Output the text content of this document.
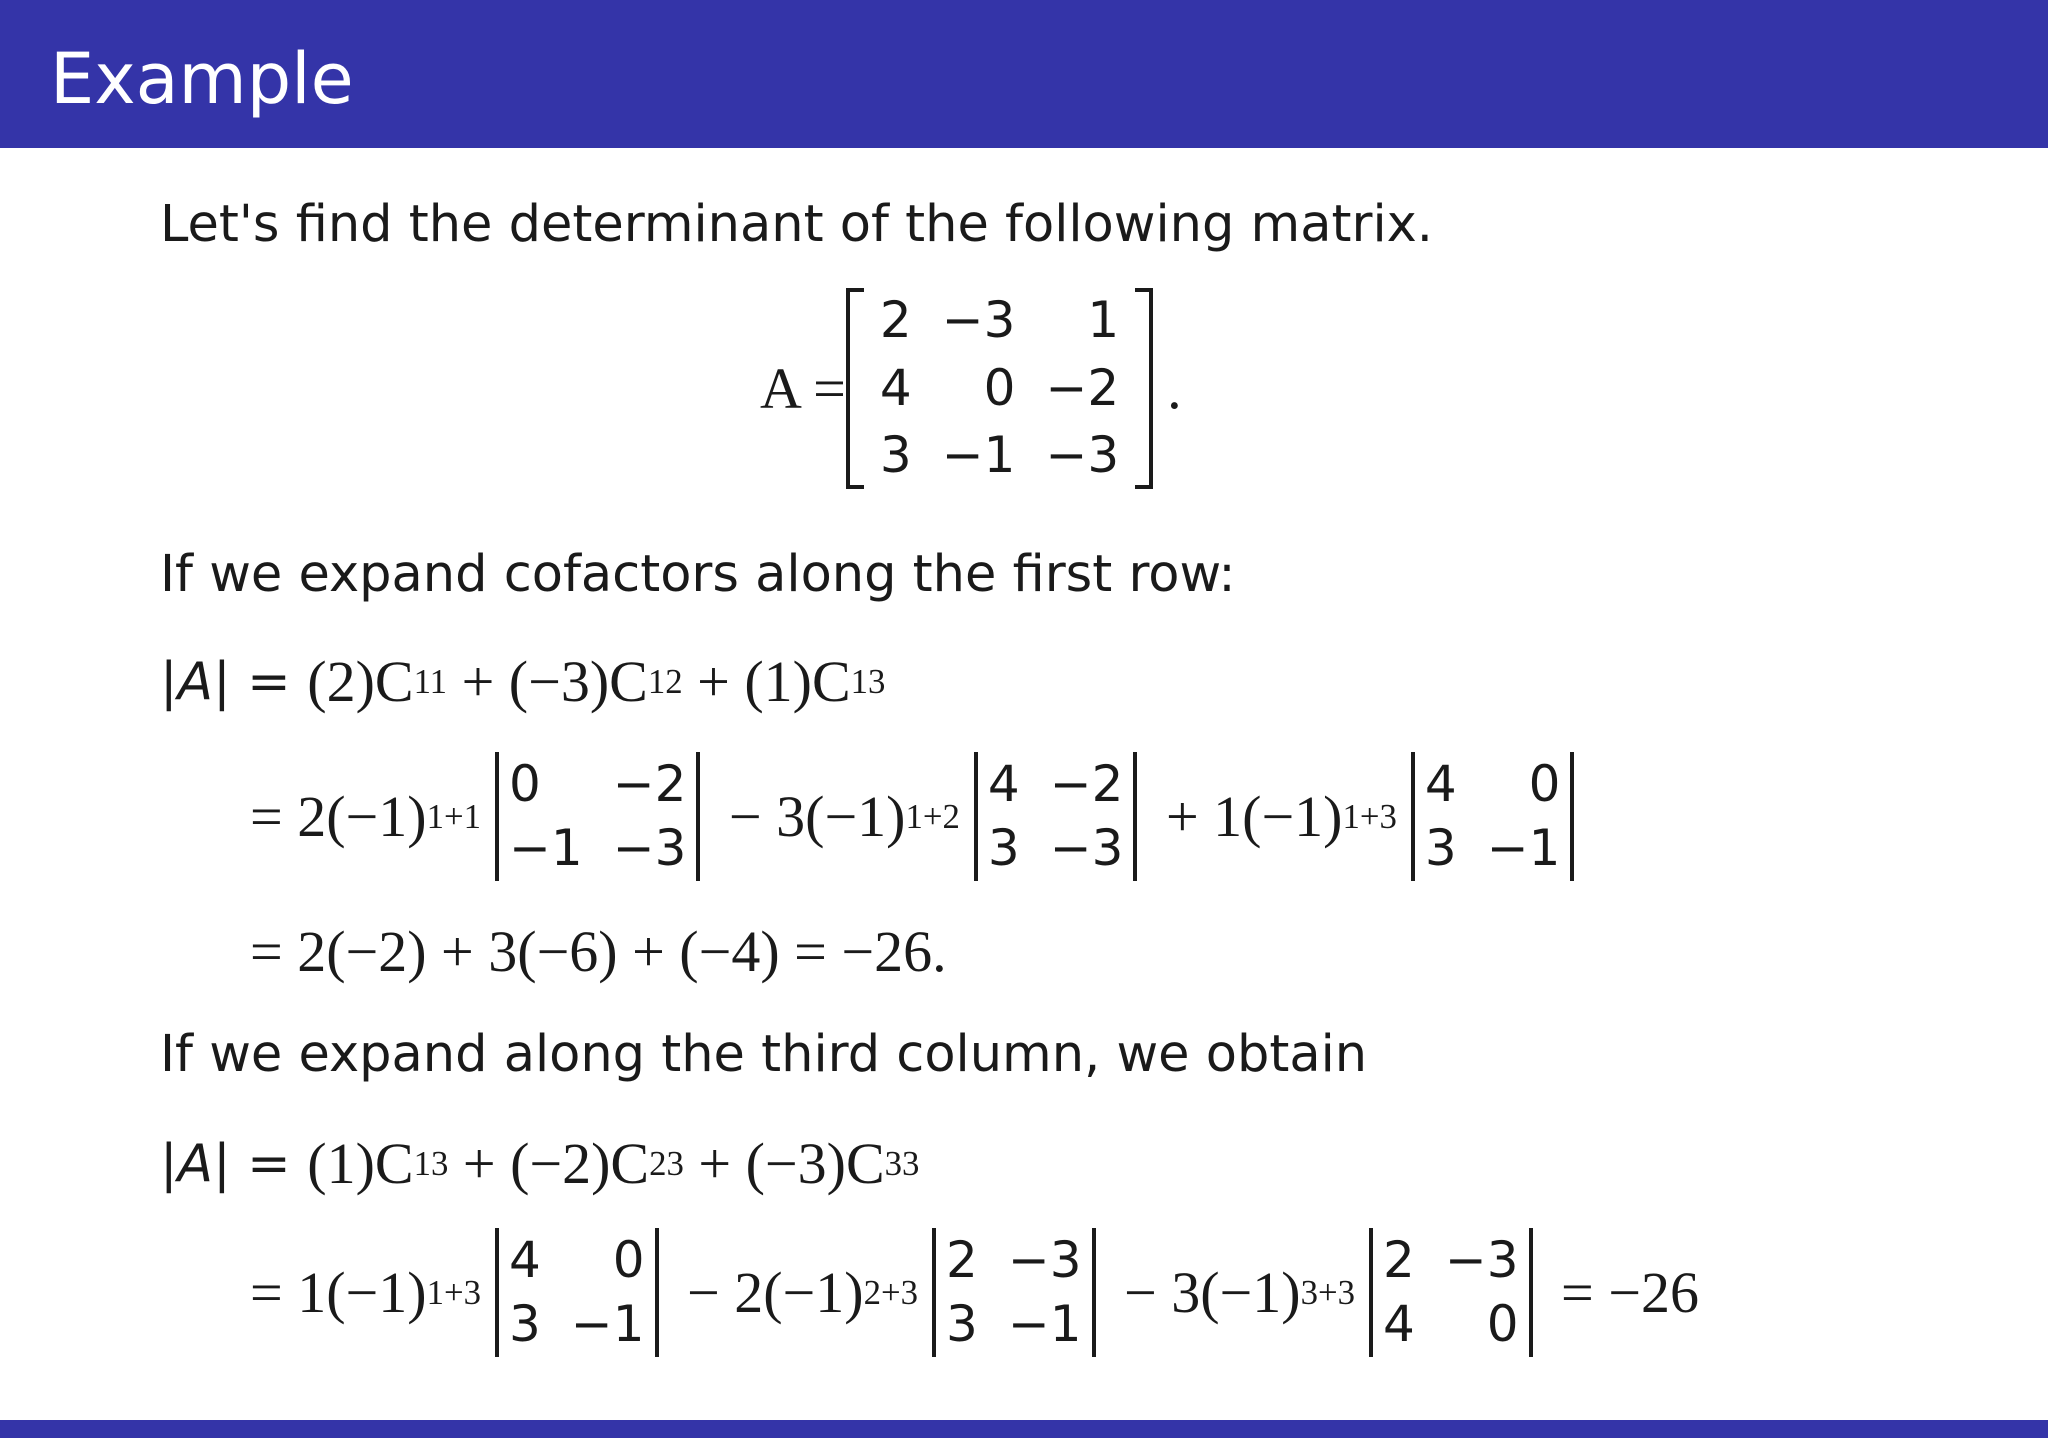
Example
Let's find the determinant of the following matrix.
A =
2 −3	1
4	0 −2
3 −1 −3
.
If we expand cofactors along the first row:
|A| = (2)C 11 + (−3)C 12 + (1)C 13
= 2(−1) 1+1
0	−2
−1 −3 − 3(−1) 1+2
4 −2
3 −3 + 1(−1) 1+3
4	0
3 −1
= 2(−2) + 3(−6) + (−4) = −26.
If we expand along the third column, we obtain
|A| = (1)C 13 + (−2)C 23 + (−3)C 33
= 1(−1) 1+3
4	0
3 −1 − 2(−1) 2+3
2 −3
3 −1 − 3(−1) 3+3
2 −3
4	0 = −26
